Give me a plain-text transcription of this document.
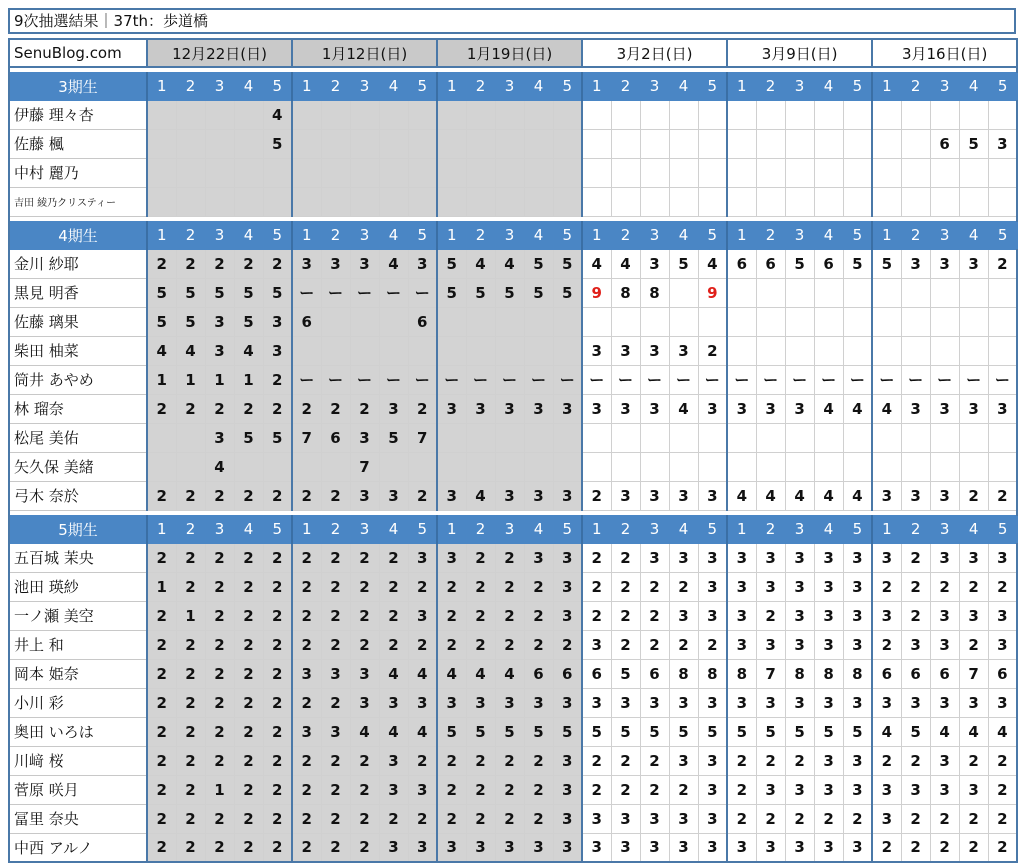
9次抽選結果｜37th：歩道橋
SenuBlog.com	12月22日(日)					1月12日(日)					1月19日(日)					3月2日(日)					3月9日(日)					3月16日(日)				

3期生	1	2	3	4	5	1	2	3	4	5	1	2	3	4	5	1	2	3	4	5	1	2	3	4	5	1	2	3	4	5
伊藤 理々杏					4																									
佐藤 楓					5																							6	5	3
中村 麗乃																														
吉田 綾乃クリスティー																														

4期生	1	2	3	4	5	1	2	3	4	5	1	2	3	4	5	1	2	3	4	5	1	2	3	4	5	1	2	3	4	5
金川 紗耶	2	2	2	2	2	3	3	3	4	3	5	4	4	5	5	4	4	3	5	4	6	6	5	6	5	5	3	3	3	2
黒見 明香	5	5	5	5	5	ー	ー	ー	ー	ー	5	5	5	5	5	9	8	8		9										
佐藤 璃果	5	5	3	5	3	6				6																				
柴田 柚菜	4	4	3	4	3											3	3	3	3	2										
筒井 あやめ	1	1	1	1	2	ー	ー	ー	ー	ー	ー	ー	ー	ー	ー	ー	ー	ー	ー	ー	ー	ー	ー	ー	ー	ー	ー	ー	ー	ー
林 瑠奈	2	2	2	2	2	2	2	2	3	2	3	3	3	3	3	3	3	3	4	3	3	3	3	4	4	4	3	3	3	3
松尾 美佑			3	5	5	7	6	3	5	7																				
矢久保 美緒			4					7																						
弓木 奈於	2	2	2	2	2	2	2	3	3	2	3	4	3	3	3	2	3	3	3	3	4	4	4	4	4	3	3	3	2	2

5期生	1	2	3	4	5	1	2	3	4	5	1	2	3	4	5	1	2	3	4	5	1	2	3	4	5	1	2	3	4	5
五百城 茉央	2	2	2	2	2	2	2	2	2	3	3	2	2	3	3	2	2	3	3	3	3	3	3	3	3	3	2	3	3	3
池田 瑛紗	1	2	2	2	2	2	2	2	2	2	2	2	2	2	3	2	2	2	2	3	3	3	3	3	3	2	2	2	2	2
一ノ瀬 美空	2	1	2	2	2	2	2	2	2	3	2	2	2	2	3	2	2	2	3	3	3	2	3	3	3	3	2	3	3	3
井上 和	2	2	2	2	2	2	2	2	2	2	2	2	2	2	2	3	2	2	2	2	3	3	3	3	3	2	3	3	2	3
岡本 姫奈	2	2	2	2	2	3	3	3	4	4	4	4	4	6	6	6	5	6	8	8	8	7	8	8	8	6	6	6	7	6
小川 彩	2	2	2	2	2	2	2	3	3	3	3	3	3	3	3	3	3	3	3	3	3	3	3	3	3	3	3	3	3	3
奥田 いろは	2	2	2	2	2	3	3	4	4	4	5	5	5	5	5	5	5	5	5	5	5	5	5	5	5	4	5	4	4	4
川﨑 桜	2	2	2	2	2	2	2	2	3	2	2	2	2	2	3	2	2	2	3	3	2	2	2	3	3	2	2	3	2	2
菅原 咲月	2	2	1	2	2	2	2	2	3	3	2	2	2	2	3	2	2	2	2	3	2	3	3	3	3	3	3	3	3	2
冨里 奈央	2	2	2	2	2	2	2	2	2	2	2	2	2	2	3	3	3	3	3	3	2	2	2	2	2	3	2	2	2	2
中西 アルノ	2	2	2	2	2	2	2	2	3	3	3	3	3	3	3	3	3	3	3	3	3	3	3	3	3	2	2	2	2	2
